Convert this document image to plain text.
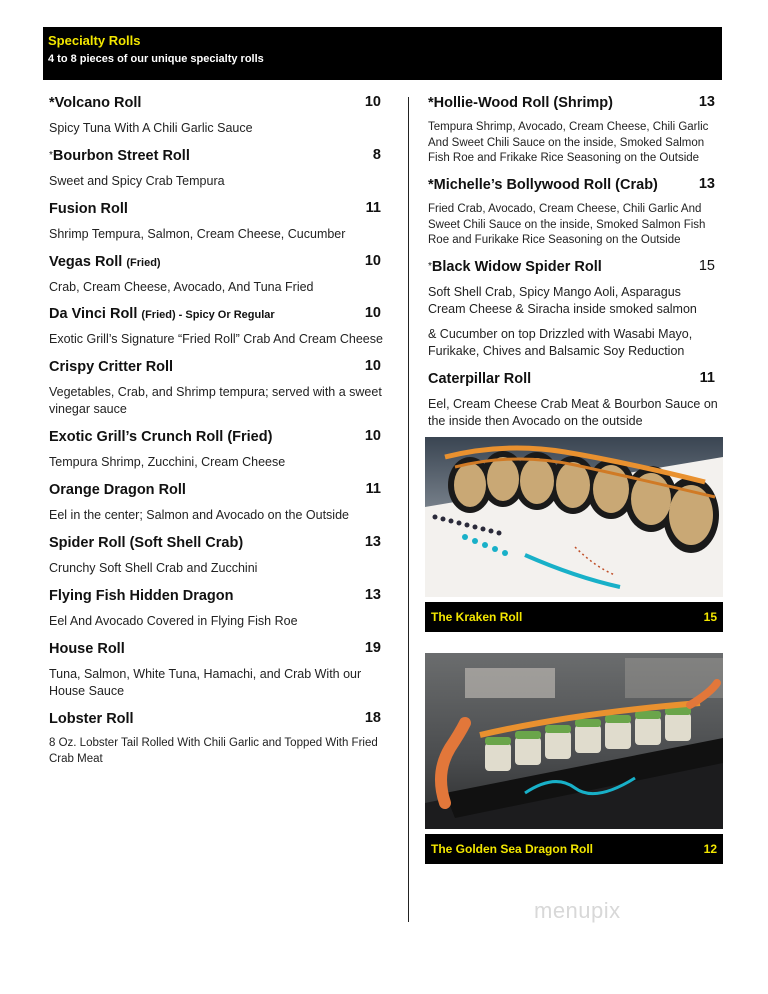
Specialty Rolls
4 to 8 pieces of our unique specialty rolls
*Volcano Roll	10
Spicy Tuna With A Chili Garlic Sauce
*Bourbon Street Roll	8
Sweet and Spicy Crab Tempura
Fusion Roll	11
Shrimp Tempura, Salmon, Cream Cheese, Cucumber
Vegas Roll (Fried)	10
Crab, Cream Cheese, Avocado, And Tuna Fried
Da Vinci Roll (Fried) - Spicy Or Regular	10
Exotic Grill’s Signature “Fried Roll” Crab And Cream Cheese
Crispy Critter Roll	10
Vegetables, Crab, and Shrimp tempura; served with a sweet vinegar sauce
Exotic Grill’s Crunch Roll (Fried)	10
Tempura Shrimp, Zucchini, Cream Cheese
Orange Dragon Roll	11
Eel in the center; Salmon and Avocado on the Outside
Spider Roll (Soft Shell Crab)	13
Crunchy Soft Shell Crab and Zucchini
Flying Fish Hidden Dragon	13
Eel And Avocado Covered in Flying Fish Roe
House Roll	19
Tuna, Salmon, White Tuna, Hamachi, and Crab With our House Sauce
Lobster Roll	18
8 Oz. Lobster Tail Rolled With Chili Garlic and Topped With Fried Crab Meat
*Hollie-Wood Roll (Shrimp)	13
Tempura Shrimp, Avocado, Cream Cheese, Chili Garlic And Sweet Chili Sauce on the inside, Smoked Salmon Fish Roe and Frikake Rice Seasoning on the Outside
*Michelle’s Bollywood Roll (Crab)	13
Fried Crab, Avocado, Cream Cheese, Chili Garlic And Sweet Chili Sauce on the inside, Smoked Salmon Fish Roe and Furikake Rice Seasoning on the Outside
*Black Widow Spider Roll	15
Soft Shell Crab, Spicy Mango Aoli, Asparagus Cream Cheese & Siracha inside smoked salmon
& Cucumber on top Drizzled with Wasabi Mayo, Furikake, Chives and Balsamic Soy Reduction
Caterpillar Roll	11
Eel, Cream Cheese Crab Meat & Bourbon Sauce on the inside then Avocado on the outside
The Kraken Roll	15
The Golden Sea Dragon Roll	12
menupix
